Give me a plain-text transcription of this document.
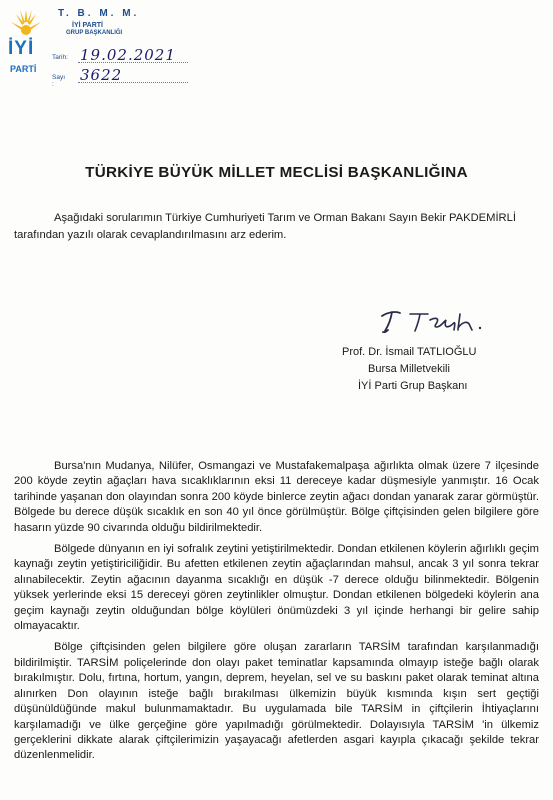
İYİ
PARTİ
T. B. M. M.
İYİ PARTİ
GRUP BAŞKANLIĞI
Tarih: 19.02.2021
Sayı :
3622
TÜRKİYE BÜYÜK MİLLET MECLİSİ BAŞKANLIĞINA
Aşağıdaki sorularımın Türkiye Cumhuriyeti Tarım ve Orman Bakanı Sayın Bekir PAKDEMİRLİ tarafından yazılı olarak cevaplandırılmasını arz ederim.
Prof. Dr. İsmail TATLIOĞLU
Bursa Milletvekili
İYİ Parti Grup Başkanı

Bursa'nın Mudanya, Nilüfer, Osmangazi ve Mustafakemalpaşa ağırlıkta olmak üzere 7 ilçesinde 200 köyde zeytin ağaçları hava sıcaklıklarının eksi 11 dereceye kadar düşmesiyle yanmıştır. 16 Ocak tarihinde yaşanan don olayından sonra 200 köyde binlerce zeytin ağacı dondan yanarak zarar görmüştür. Bölgede bu derece düşük sıcaklık en son 40 yıl önce görülmüştür. Bölge çiftçisinden gelen bilgilere göre hasarın yüzde 90 civarında olduğu bildirilmektedir.

Bölgede dünyanın en iyi sofralık zeytini yetiştirilmektedir. Dondan etkilenen köylerin ağırlıklı geçim kaynağı zeytin yetiştiriciliğidir. Bu afetten etkilenen zeytin ağaçlarından mahsul, ancak 3 yıl sonra tekrar alınabilecektir. Zeytin ağacının dayanma sıcaklığı en düşük -7 derece olduğu bilinmektedir. Bölgenin yüksek yerlerinde eksi 15 dereceyi gören zeytinlikler olmuştur. Dondan etkilenen bölgedeki köylerin ana geçim kaynağı zeytin olduğundan bölge köylüleri önümüzdeki 3 yıl içinde herhangi bir gelire sahip olmayacaktır.

Bölge çiftçisinden gelen bilgilere göre oluşan zararların TARSİM tarafından karşılanmadığı bildirilmiştir. TARSİM poliçelerinde don olayı paket teminatlar kapsamında olmayıp isteğe bağlı olarak bırakılmıştır. Dolu, fırtına, hortum, yangın, deprem, heyelan, sel ve su baskını paket olarak teminat altına alınırken Don olayının isteğe bağlı bırakılması ülkemizin büyük kısmında kışın sert geçtiği düşünüldüğünde makul bulunmamaktadır. Bu uygulamada bile TARSİM in çiftçilerin İhtiyaçlarını karşılamadığı ve ülke gerçeğine göre yapılmadığı görülmektedir. Dolayısıyla TARSİM 'in ülkemiz gerçeklerini dikkate alarak çiftçilerimizin yaşayacağı afetlerden asgari kayıpla çıkacağı şekilde tekrar düzenlenmelidir.
